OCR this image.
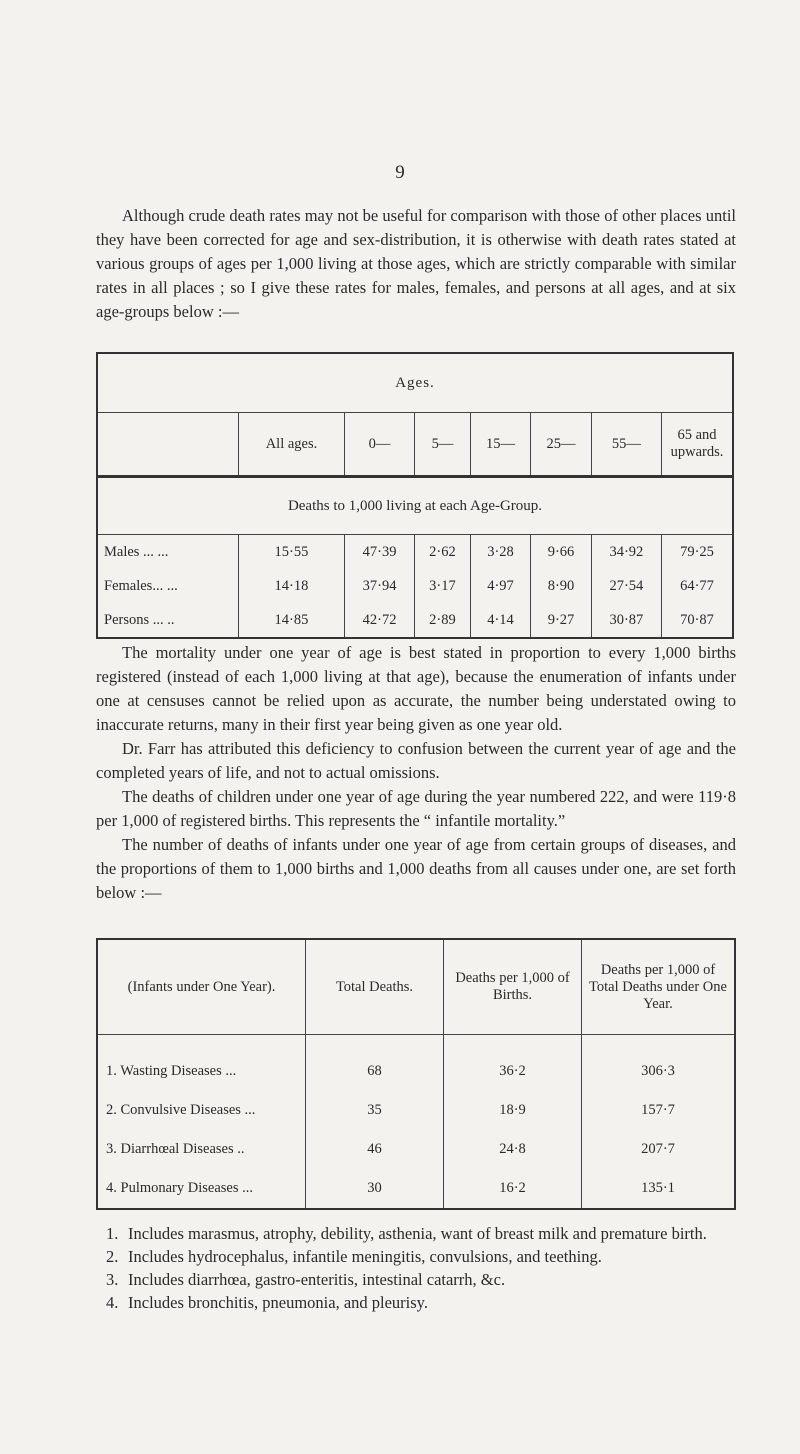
9

Although crude death rates may not be useful for comparison with those of other places until they have been corrected for age and sex-distribution, it is otherwise with death rates stated at various groups of ages per 1,000 living at those ages, which are strictly comparable with similar rates in all places ; so I give these rates for males, females, and persons at all ages, and at six age-groups below :—

Ages.							
	All ages.	0—	5—	15—	25—	55—	65 and upwards.
Deaths to 1,000 living at each Age-Group.							
Males ... ...	15·55	47·39	2·62	3·28	9·66	34·92	79·25
Females... ...	14·18	37·94	3·17	4·97	8·90	27·54	64·77
Persons ... ..	14·85	42·72	2·89	4·14	9·27	30·87	70·87

The mortality under one year of age is best stated in proportion to every 1,000 births registered (instead of each 1,000 living at that age), because the enumeration of infants under one at censuses cannot be relied upon as accurate, the number being understated owing to inaccurate returns, many in their first year being given as one year old.

Dr. Farr has attributed this deficiency to confusion between the current year of age and the completed years of life, and not to actual omissions.

The deaths of children under one year of age during the year numbered 222, and were 119·8 per 1,000 of registered births. This represents the “ infantile mortality.”

The number of deaths of infants under one year of age from certain groups of diseases, and the proportions of them to 1,000 births and 1,000 deaths from all causes under one, are set forth below :—

(Infants under One Year).	Total Deaths.	Deaths per 1,000 of Births.	Deaths per 1,000 of Total Deaths under One Year.
1. Wasting Diseases ...	68	36·2	306·3
2. Convulsive Diseases ...	35	18·9	157·7
3. Diarrhœal Diseases ..	46	24·8	207·7
4. Pulmonary Diseases ...	30	16·2	135·1
1. Includes marasmus, atrophy, debility, asthenia, want of breast milk and premature birth.
2. Includes hydrocephalus, infantile meningitis, convulsions, and teething.
3. Includes diarrhœa, gastro-enteritis, intestinal catarrh, &c.
4. Includes bronchitis, pneumonia, and pleurisy.
